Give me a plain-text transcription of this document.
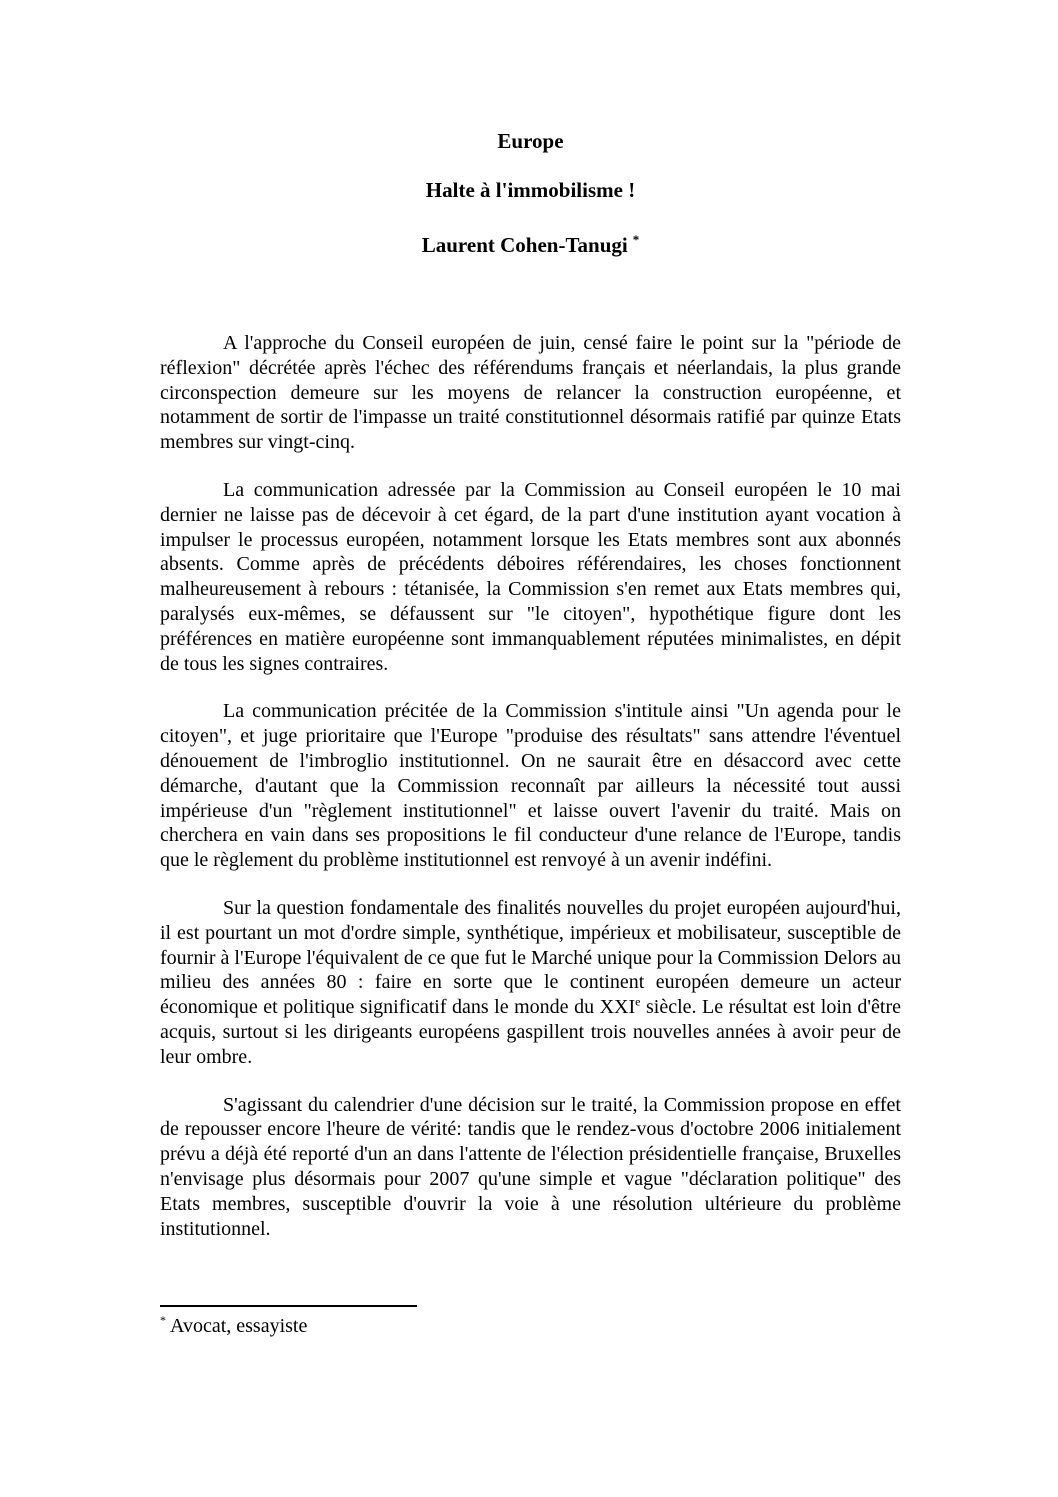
Europe
Halte à l'immobilisme !
Laurent Cohen-Tanugi *

A l'approche du Conseil européen de juin, censé faire le point sur la "période de réflexion" décrétée après l'échec des référendums français et néerlandais, la plus grande circonspection demeure sur les moyens de relancer la construction européenne, et notamment de sortir de l'impasse un traité constitutionnel désormais ratifié par quinze Etats membres sur vingt-cinq.

La communication adressée par la Commission au Conseil européen le 10 mai dernier ne laisse pas de décevoir à cet égard, de la part d'une institution ayant vocation à impulser le processus européen, notamment lorsque les Etats membres sont aux abonnés absents. Comme après de précédents déboires référendaires, les choses fonctionnent malheureusement à rebours : tétanisée, la Commission s'en remet aux Etats membres qui, paralysés eux-mêmes, se défaussent sur "le citoyen", hypothétique figure dont les préférences en matière européenne sont immanquablement réputées minimalistes, en dépit de tous les signes contraires.

La communication précitée de la Commission s'intitule ainsi "Un agenda pour le citoyen", et juge prioritaire que l'Europe "produise des résultats" sans attendre l'éventuel dénouement de l'imbroglio institutionnel. On ne saurait être en désaccord avec cette démarche, d'autant que la Commission reconnaît par ailleurs la nécessité tout aussi impérieuse d'un "règlement institutionnel" et laisse ouvert l'avenir du traité. Mais on cherchera en vain dans ses propositions le fil conducteur d'une relance de l'Europe, tandis que le règlement du problème institutionnel est renvoyé à un avenir indéfini.

Sur la question fondamentale des finalités nouvelles du projet européen aujourd'hui, il est pourtant un mot d'ordre simple, synthétique, impérieux et mobilisateur, susceptible de fournir à l'Europe l'équivalent de ce que fut le Marché unique pour la Commission Delors au milieu des années 80 : faire en sorte que le continent européen demeure un acteur économique et politique significatif dans le monde du XXIe siècle. Le résultat est loin d'être acquis, surtout si les dirigeants européens gaspillent trois nouvelles années à avoir peur de leur ombre.

S'agissant du calendrier d'une décision sur le traité, la Commission propose en effet de repousser encore l'heure de vérité: tandis que le rendez-vous d'octobre 2006 initialement prévu a déjà été reporté d'un an dans l'attente de l'élection présidentielle française, Bruxelles n'envisage plus désormais pour 2007 qu'une simple et vague "déclaration politique" des Etats membres, susceptible d'ouvrir la voie à une résolution ultérieure du problème institutionnel.

* Avocat, essayiste
